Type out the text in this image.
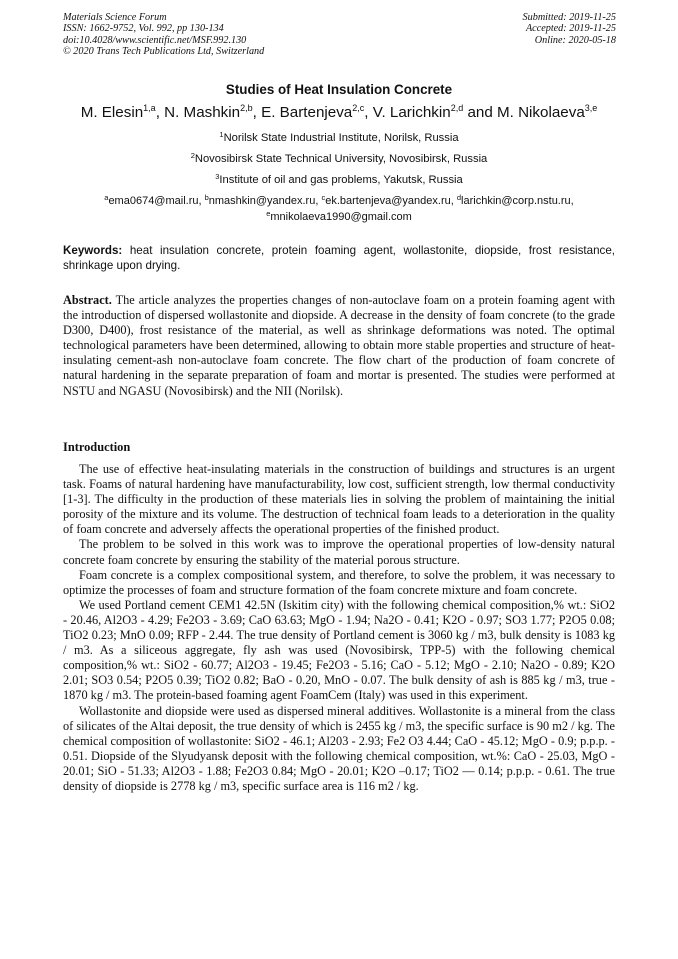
Materials Science Forum
ISSN: 1662-9752, Vol. 992, pp 130-134
doi:10.4028/www.scientific.net/MSF.992.130
© 2020 Trans Tech Publications Ltd, Switzerland
Submitted: 2019-11-25
Accepted: 2019-11-25
Online: 2020-05-18
Studies of Heat Insulation Concrete
M. Elesin$^{1,a}$, N. Mashkin$^{2,b}$, E. Bartenjeva$^{2,c}$, V. Larichkin$^{2,d}$ and M. Nikolaeva$^{3,e}$
$^1$Norilsk State Industrial Institute, Norilsk, Russia
$^2$Novosibirsk State Technical University, Novosibirsk, Russia
$^3$Institute of oil and gas problems, Yakutsk, Russia
$^a$ema0674@mail.ru, $^b$nmashkin@yandex.ru, $^c$ek.bartenjeva@yandex.ru, $^d$larichkin@corp.nstu.ru,
$^e$mnikolaeva1990@gmail.com
Keywords: heat insulation concrete, protein foaming agent, wollastonite, diopside, frost resistance, shrinkage upon drying.
Abstract. The article analyzes the properties changes of non-autoclave foam on a protein foaming agent with the introduction of dispersed wollastonite and diopside. A decrease in the density of foam concrete (to the grade D300, D400), frost resistance of the material, as well as shrinkage deformations was noted. The optimal technological parameters have been determined, allowing to obtain more stable properties and structure of heat-insulating cement-ash non-autoclave foam concrete. The flow chart of the production of foam concrete of natural hardening in the separate preparation of foam and mortar is presented. The studies were performed at NSTU and NGASU (Novosibirsk) and the NII (Norilsk).
Introduction

The use of effective heat-insulating materials in the construction of buildings and structures is an urgent task. Foams of natural hardening have manufacturability, low cost, sufficient strength, low thermal conductivity [1-3]. The difficulty in the production of these materials lies in solving the problem of maintaining the initial porosity of the mixture and its volume. The destruction of technical foam leads to a deterioration in the quality of foam concrete and adversely affects the operational properties of the finished product.

The problem to be solved in this work was to improve the operational properties of low-density natural concrete foam concrete by ensuring the stability of the material porous structure.

Foam concrete is a complex compositional system, and therefore, to solve the problem, it was necessary to optimize the processes of foam and structure formation of the foam concrete mixture and foam concrete.

We used Portland cement CEM1 42.5N (Iskitim city) with the following chemical composition,% wt.: SiO2 - 20.46, Al2O3 - 4.29; Fe2O3 - 3.69; CaO 63.63; MgO - 1.94; Na2O - 0.41; K2O - 0.97; SO3 1.77; P2O5 0.08; TiO2 0.23; MnO 0.09; RFP - 2.44. The true density of Portland cement is 3060 kg / m3, bulk density is 1083 kg / m3. As a siliceous aggregate, fly ash was used (Novosibirsk, TPP-5) with the following chemical composition,% wt.: SiO2 - 60.77; Al2O3 - 19.45; Fe2O3 - 5.16; CaO - 5.12; MgO - 2.10; Na2O - 0.89; K2O 2.01; SO3 0.54; P2O5 0.39; TiO2 0.82; BaO - 0.20, MnO - 0.07. The bulk density of ash is 885 kg / m3, true - 1870 kg / m3. The protein-based foaming agent FoamCem (Italy) was used in this experiment.

Wollastonite and diopside were used as dispersed mineral additives. Wollastonite is a mineral from the class of silicates of the Altai deposit, the true density of which is 2455 kg / m3, the specific surface is 90 m2 / kg. The chemical composition of wollastonite: SiO2 - 46.1; Al203 - 2.93; Fe2 O3 4.44; CaO - 45.12; MgO - 0.9; p.p.p. - 0.51. Diopside of the Slyudyansk deposit with the following chemical composition, wt.%: CaO - 25.03, MgO - 20.01; SiO - 51.33; Al2O3 - 1.88; Fe2O3 0.84; MgO - 20.01; K2O –0.17; TiO2 — 0.14; p.p.p. - 0.61. The true density of diopside is 2778 kg / m3, specific surface area is 116 m2 / kg.
